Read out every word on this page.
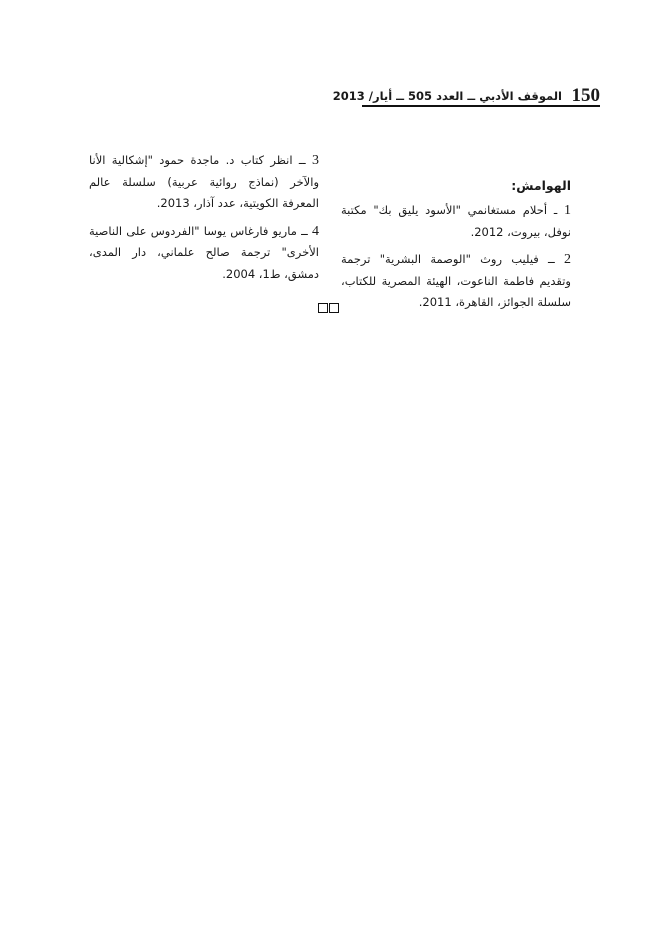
150
الموقف الأدبي ــ العدد 505 ــ أيار/ 2013
الهوامش:

1 ـ أحلام مستغانمي "الأسود يليق بك" مكتبة نوفل، بيروت، 2012.

2 ــ فيليب روث "الوصمة البشرية" ترجمة وتقديم فاطمة الناعوت، الهيئة المصرية للكتاب، سلسلة الجوائز، القاهرة، 2011.

3 ــ انظر كتاب د. ماجدة حمود "إشكالية الأنا والآخر (نماذج روائية عربية) سلسلة عالم المعرفة الكويتية، عدد آذار، 2013.

4 ــ ماريو فارغاس يوسا "الفردوس على الناصية الأخرى" ترجمة صالح علماني، دار المدى، دمشق، ط1، 2004.
